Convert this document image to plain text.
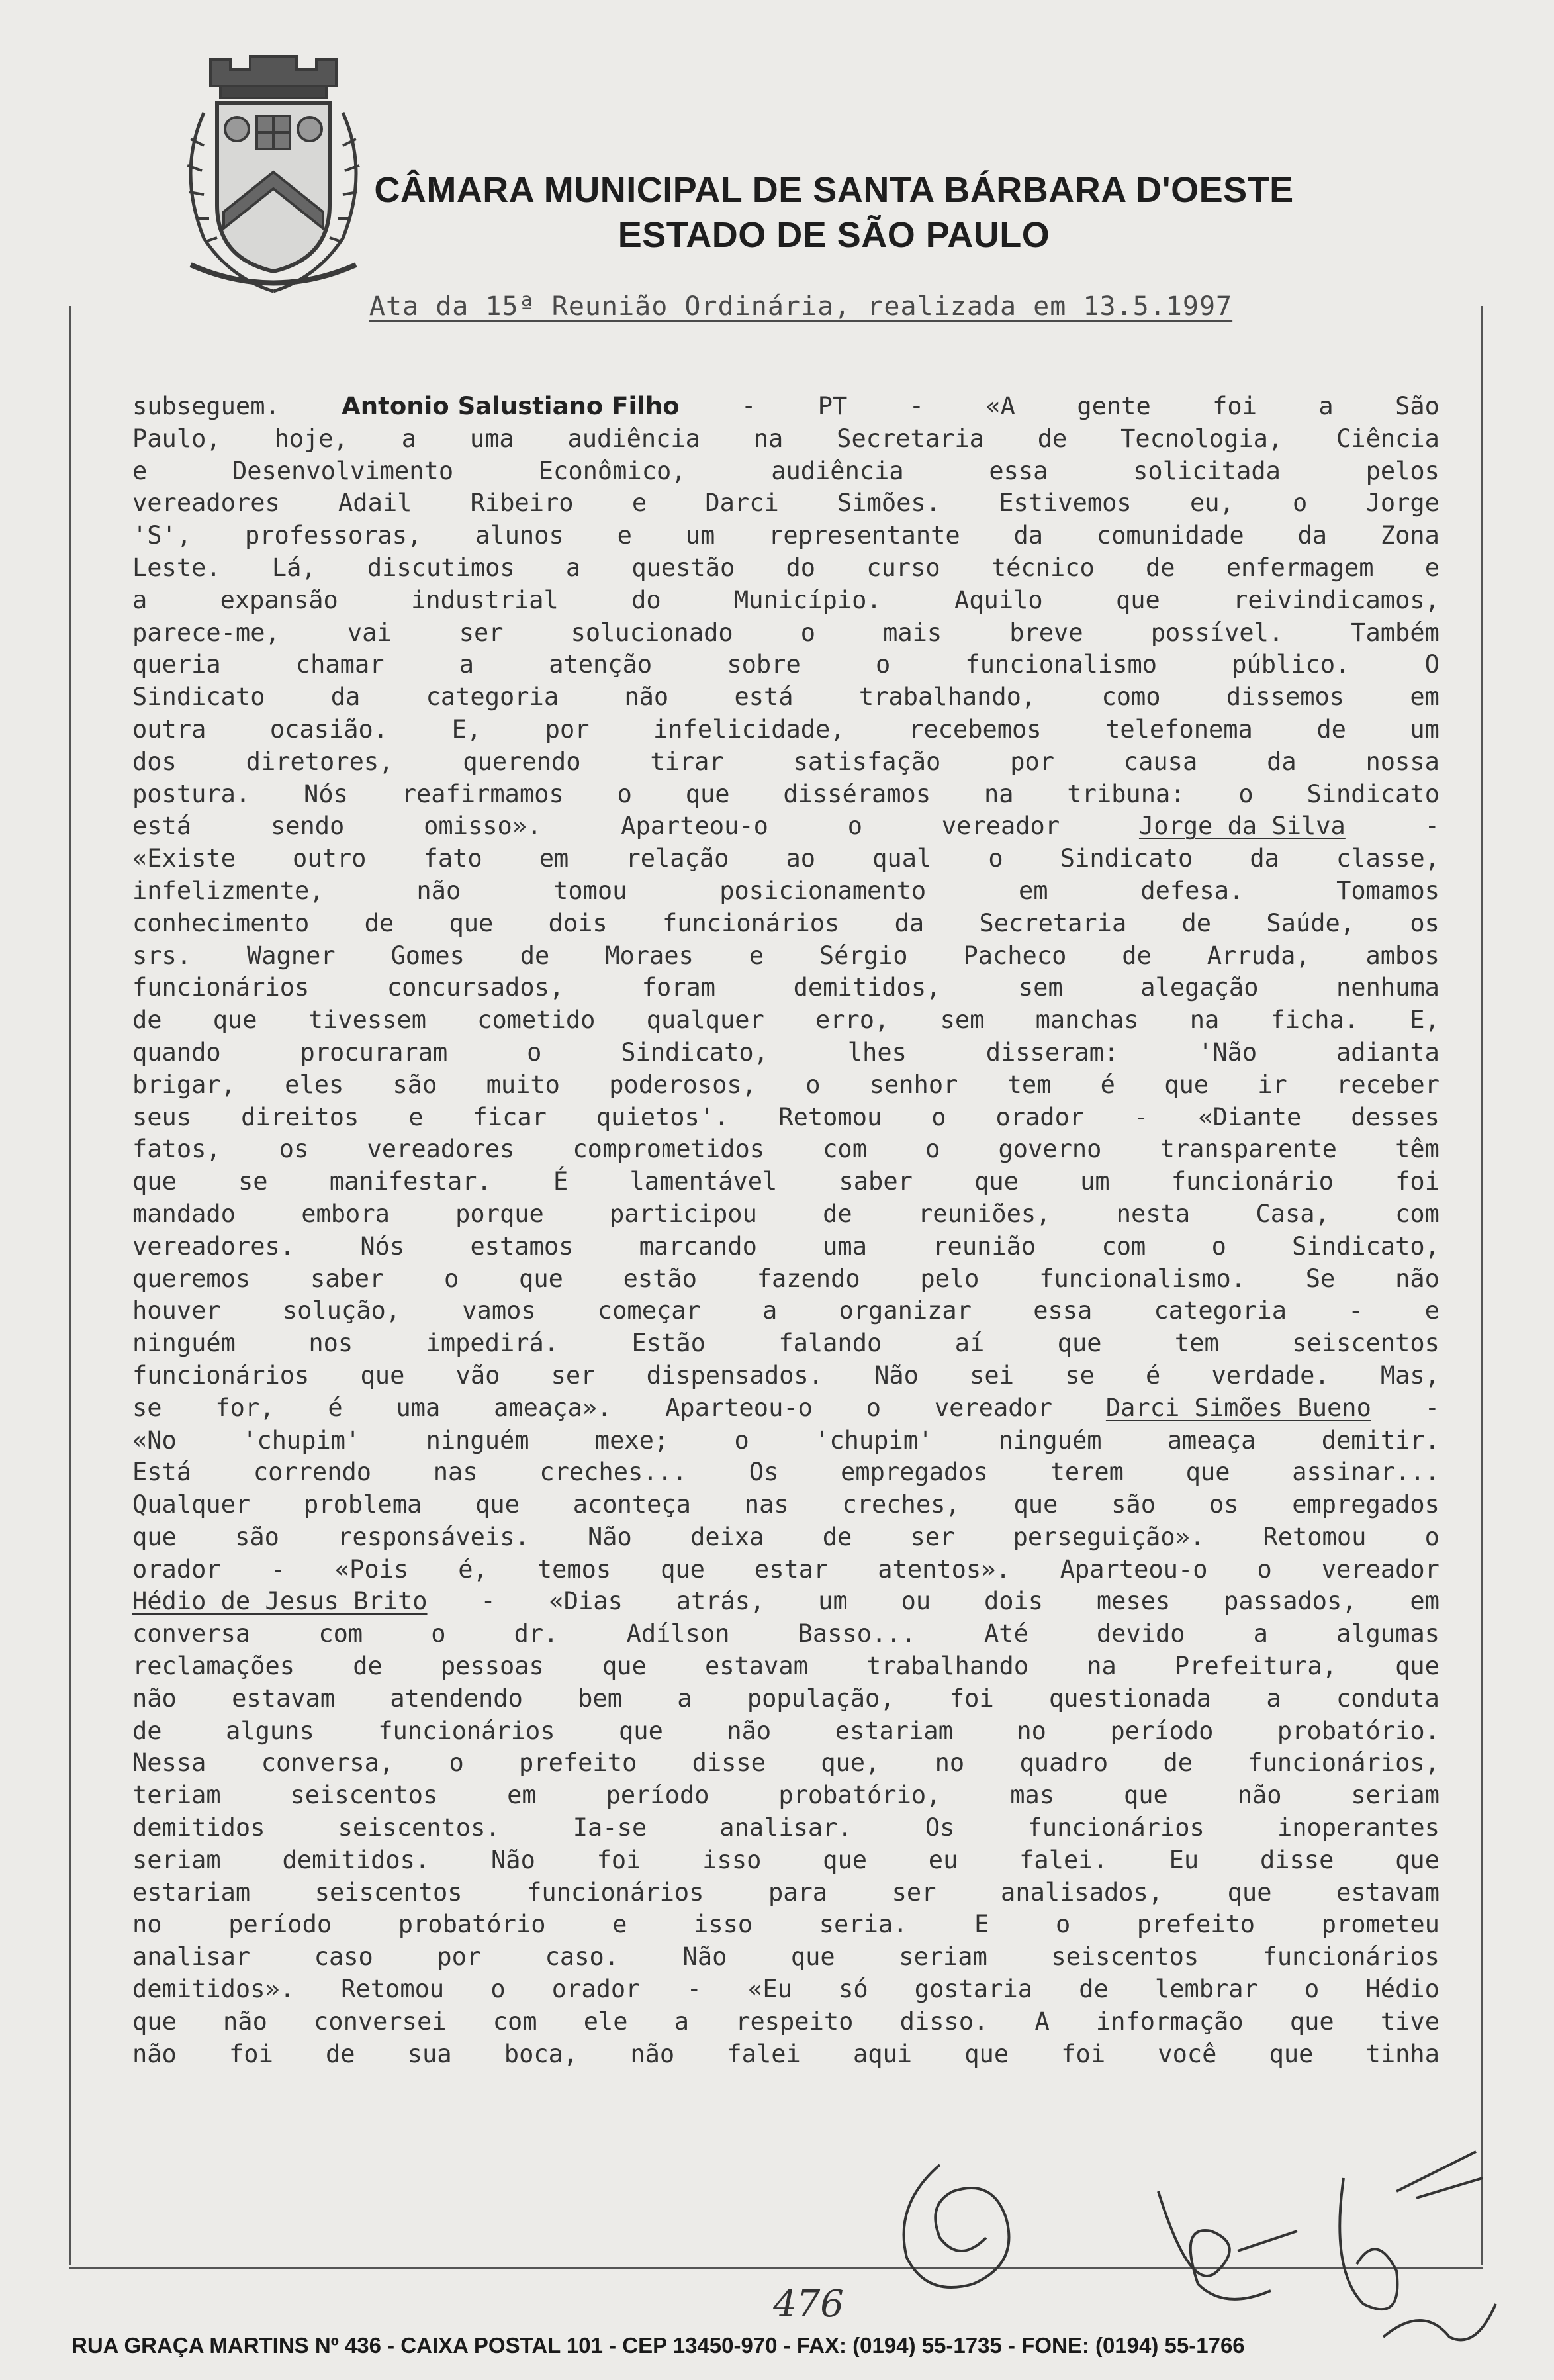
CÂMARA MUNICIPAL DE SANTA BÁRBARA D'OESTE
ESTADO DE SÃO PAULO
Ata da 15ª Reunião Ordinária, realizada em 13.5.1997
subseguem.	Antonio Salustiano Filho	-	PT	-	«A	gente	foi	a	São
Paulo, hoje, a uma audiência na Secretaria de Tecnologia, Ciência
e	Desenvolvimento	Econômico,	audiência	essa	solicitada	pelos
vereadores Adail Ribeiro e Darci Simões. Estivemos eu, o Jorge
'S', professoras, alunos e um representante da comunidade da Zona
Leste. Lá, discutimos a questão do curso técnico de enfermagem e
a	expansão	industrial	do	Município.	Aquilo	que	reivindicamos,
parece-me,	vai	ser	solucionado	o	mais	breve	possível.	Também
queria	chamar	a	atenção	sobre	o	funcionalismo	público.	O
Sindicato	da	categoria	não	está	trabalhando,	como	dissemos	em
outra	ocasião.	E,	por	infelicidade,	recebemos	telefonema	de	um
dos	diretores,	querendo	tirar	satisfação	por	causa	da	nossa
postura. Nós reafirmamos o que disséramos na tribuna: o Sindicato
está	sendo	omisso».	Aparteou-o	o	vereador	Jorge da Silva	-
«Existe outro fato em relação ao qual o Sindicato da classe,
infelizmente,	não	tomou	posicionamento	em	defesa.	Tomamos
conhecimento de que dois funcionários da Secretaria de Saúde, os
srs. Wagner Gomes de Moraes e Sérgio Pacheco de Arruda, ambos
funcionários	concursados,	foram	demitidos,	sem	alegação	nenhuma
de que tivessem cometido qualquer erro, sem manchas na ficha. E,
quando	procuraram	o	Sindicato,	lhes	disseram:	'Não	adianta
brigar, eles são muito poderosos, o senhor tem é que ir receber
seus direitos e ficar quietos'. Retomou o orador - «Diante desses
fatos, os vereadores comprometidos com o governo transparente têm
que	se	manifestar.	É	lamentável	saber	que	um	funcionário	foi
mandado	embora	porque	participou	de	reuniões,	nesta	Casa,	com
vereadores.	Nós	estamos	marcando	uma	reunião	com	o	Sindicato,
queremos saber o que estão fazendo pelo funcionalismo. Se não
houver	solução,	vamos	começar	a	organizar	essa	categoria	-	e
ninguém	nos	impedirá.	Estão	falando	aí	que	tem	seiscentos
funcionários que vão ser dispensados. Não sei se é verdade. Mas,
se for, é uma ameaça». Aparteou-o o vereador Darci Simões Bueno -
«No	'chupim'	ninguém	mexe;	o	'chupim'	ninguém	ameaça	demitir.
Está	correndo	nas	creches...	Os	empregados	terem	que	assinar...
Qualquer problema que aconteça nas creches, que são os empregados
que são responsáveis. Não deixa de ser perseguição». Retomou o
orador - «Pois é, temos que estar atentos». Aparteou-o o vereador
Hédio de Jesus Brito - «Dias atrás, um ou dois meses passados, em
conversa	com	o	dr.	Adílson	Basso...	Até	devido	a	algumas
reclamações de pessoas que estavam trabalhando na Prefeitura, que
não estavam atendendo bem a população, foi questionada a conduta
de	alguns	funcionários	que	não	estariam	no	período	probatório.
Nessa conversa, o prefeito disse que, no quadro de funcionários,
teriam	seiscentos	em	período	probatório,	mas	que	não	seriam
demitidos	seiscentos.	Ia-se	analisar.	Os	funcionários	inoperantes
seriam	demitidos.	Não	foi	isso	que	eu	falei.	Eu	disse	que
estariam	seiscentos	funcionários	para	ser	analisados,	que	estavam
no	período	probatório	e	isso	seria.	E	o	prefeito	prometeu
analisar	caso	por	caso.	Não	que	seriam	seiscentos	funcionários
demitidos». Retomou o orador - «Eu só gostaria de lembrar o Hédio
que não conversei com ele a respeito disso. A informação que tive
não foi de sua boca, não falei aqui que foi você que tinha
476
RUA GRAÇA MARTINS Nº 436 - CAIXA POSTAL 101 - CEP 13450-970 - FAX: (0194) 55-1735 - FONE: (0194) 55-1766
